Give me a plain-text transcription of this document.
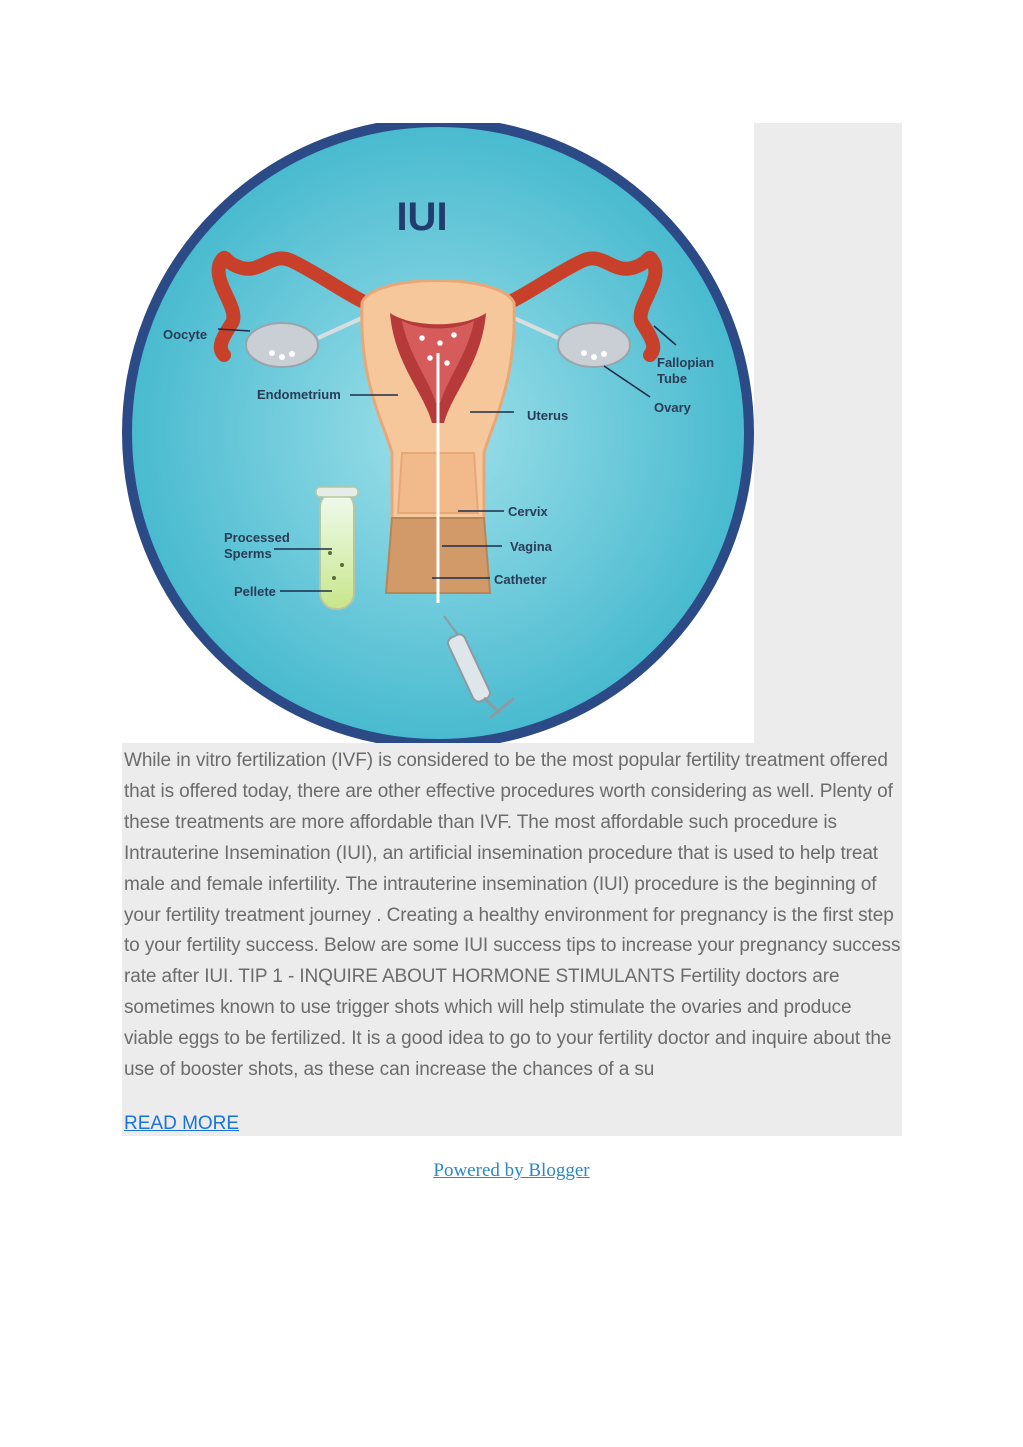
IUI
Oocyte
Fallopian
Tube
Ovary
Endometrium
Uterus
Cervix
Vagina
Catheter
Processed
Sperms
Pellete

While in vitro fertilization (IVF) is considered to be the most popular fertility treatment offered that is offered today, there are other effective procedures worth considering as well. Plenty of these treatments are more affordable than IVF. The most affordable such procedure is Intrauterine Insemination (IUI), an artificial insemination procedure that is used to help treat male and female infertility. The intrauterine insemination (IUI) procedure is the beginning of your fertility treatment journey . Creating a healthy environment for pregnancy is the first step to your fertility success. Below are some IUI success tips to increase your pregnancy success rate after IUI. TIP 1 - INQUIRE ABOUT HORMONE STIMULANTS Fertility doctors are sometimes known to use trigger shots which will help stimulate the ovaries and produce viable eggs to be fertilized. It is a good idea to go to your fertility doctor and inquire about the use of booster shots, as these can increase the chances of a su

READ MORE
Powered by Blogger
